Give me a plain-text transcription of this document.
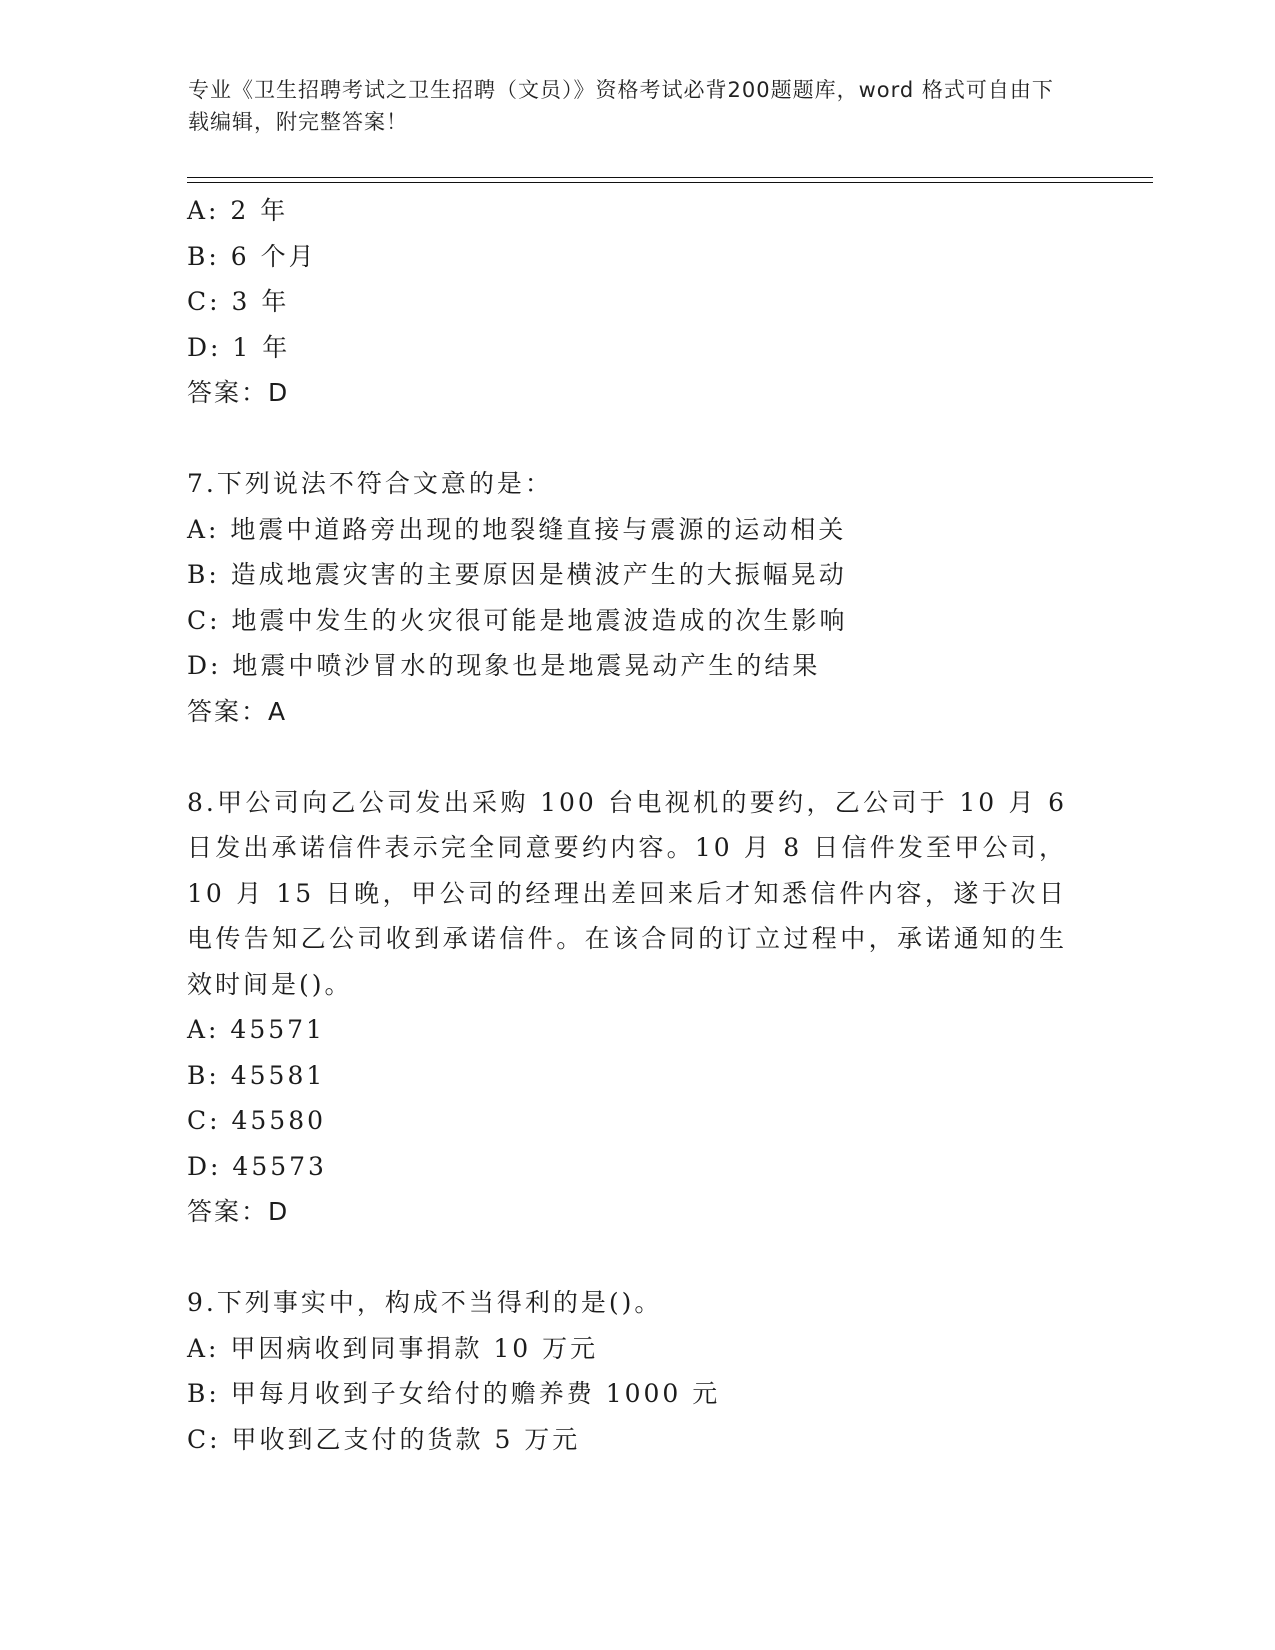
专业《卫生招聘考试之卫生招聘（文员）》资格考试必背200题题库，word 格式可自由下载编辑，附完整答案！
A: 2 年
B: 6 个月
C: 3 年
D: 1 年
答案：D
7.下列说法不符合文意的是：
A: 地震中道路旁出现的地裂缝直接与震源的运动相关
B: 造成地震灾害的主要原因是横波产生的大振幅晃动
C: 地震中发生的火灾很可能是地震波造成的次生影响
D: 地震中喷沙冒水的现象也是地震晃动产生的结果
答案：A
8.甲公司向乙公司发出采购 100 台电视机的要约，乙公司于 10 月 6 日发出承诺信件表示完全同意要约内容。10 月 8 日信件发至甲公司，10 月 15 日晚，甲公司的经理出差回来后才知悉信件内容，遂于次日电传告知乙公司收到承诺信件。在该合同的订立过程中，承诺通知的生效时间是()。
A: 45571
B: 45581
C: 45580
D: 45573
答案：D
9.下列事实中，构成不当得利的是()。
A: 甲因病收到同事捐款 10 万元
B: 甲每月收到子女给付的赡养费 1000 元
C: 甲收到乙支付的货款 5 万元
